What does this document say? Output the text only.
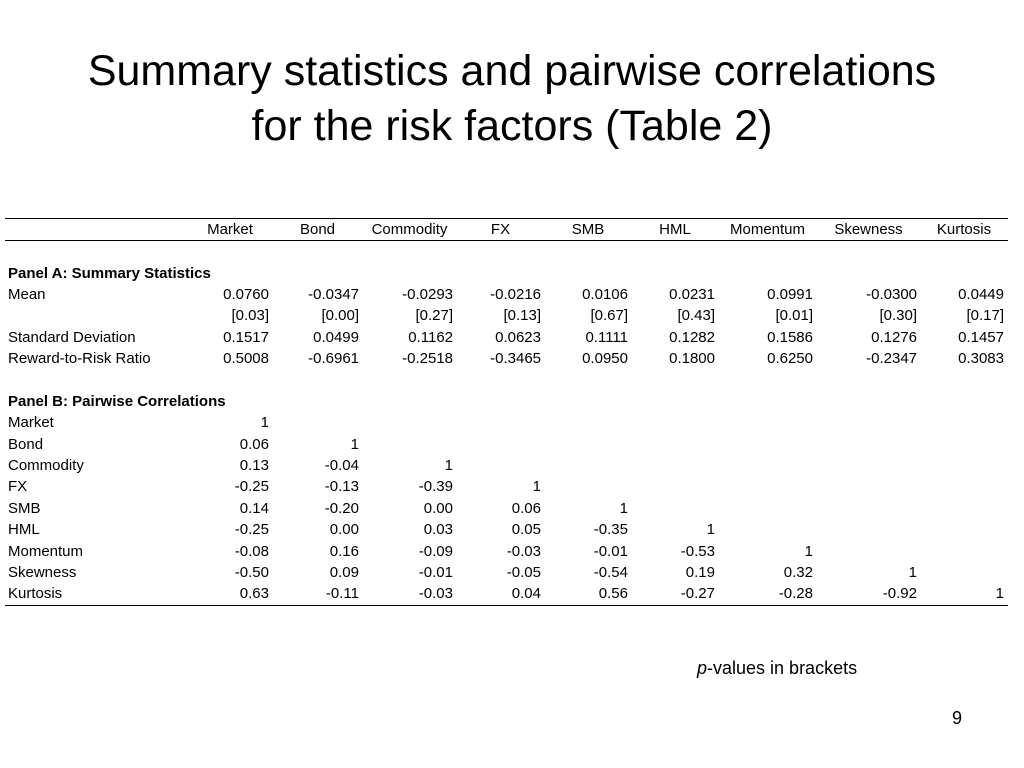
Summary statistics and pairwise correlations
for the risk factors (Table 2)
	Market	Bond	Commodity	FX	SMB	HML	Momentum	Skewness	Kurtosis

Panel A: Summary Statistics									
Mean	0.0760	-0.0347	-0.0293	-0.0216	0.0106	0.0231	0.0991	-0.0300	0.0449
	[0.03]	[0.00]	[0.27]	[0.13]	[0.67]	[0.43]	[0.01]	[0.30]	[0.17]
Standard Deviation	0.1517	0.0499	0.1162	0.0623	0.1111	0.1282	0.1586	0.1276	0.1457
Reward-to-Risk Ratio	0.5008	-0.6961	-0.2518	-0.3465	0.0950	0.1800	0.6250	-0.2347	0.3083

Panel B: Pairwise Correlations									
Market	1								
Bond	0.06	1							
Commodity	0.13	-0.04	1						
FX	-0.25	-0.13	-0.39	1					
SMB	0.14	-0.20	0.00	0.06	1				
HML	-0.25	0.00	0.03	0.05	-0.35	1			
Momentum	-0.08	0.16	-0.09	-0.03	-0.01	-0.53	1		
Skewness	-0.50	0.09	-0.01	-0.05	-0.54	0.19	0.32	1	
Kurtosis	0.63	-0.11	-0.03	0.04	0.56	-0.27	-0.28	-0.92	1
p-values in brackets
9
